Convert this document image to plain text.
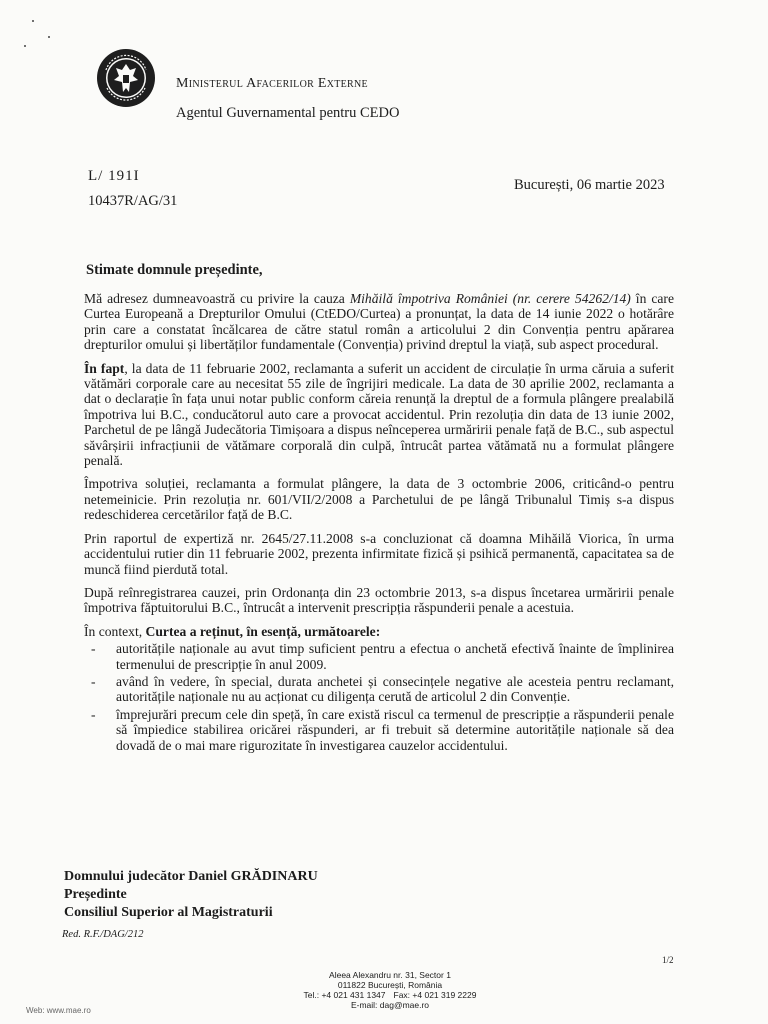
Ministerul Afacerilor Externe
Agentul Guvernamental pentru CEDO
L/ 191I
10437R/AG/31
București, 06 martie 2023
Stimate domnule președinte,

Mă adresez dumneavoastră cu privire la cauza Mihăilă împotriva României (nr. cerere 54262/14) în care Curtea Europeană a Drepturilor Omului (CtEDO/Curtea) a pronunțat, la data de 14 iunie 2022 o hotărâre prin care a constatat încălcarea de către statul român a articolului 2 din Convenția pentru apărarea drepturilor omului și libertăților fundamentale (Convenția) privind dreptul la viață, sub aspect procedural.

În fapt, la data de 11 februarie 2002, reclamanta a suferit un accident de circulație în urma căruia a suferit vătămări corporale care au necesitat 55 zile de îngrijiri medicale. La data de 30 aprilie 2002, reclamanta a dat o declarație în fața unui notar public conform căreia renunță la dreptul de a formula plângere prealabilă împotriva lui B.C., conducătorul auto care a provocat accidentul. Prin rezoluția din data de 13 iunie 2002, Parchetul de pe lângă Judecătoria Timișoara a dispus neînceperea urmăririi penale față de B.C., sub aspectul săvârșirii infracțiunii de vătămare corporală din culpă, întrucât partea vătămată nu a formulat plângere penală.

Împotriva soluției, reclamanta a formulat plângere, la data de 3 octombrie 2006, criticând-o pentru netemeinicie. Prin rezoluția nr. 601/VII/2/2008 a Parchetului de pe lângă Tribunalul Timiș s-a dispus redeschiderea cercetărilor față de B.C.

Prin raportul de expertiză nr. 2645/27.11.2008 s-a concluzionat că doamna Mihăilă Viorica, în urma accidentului rutier din 11 februarie 2002, prezenta infirmitate fizică și psihică permanentă, capacitatea sa de muncă fiind pierdută total.

După reînregistrarea cauzei, prin Ordonanța din 23 octombrie 2013, s-a dispus încetarea urmăririi penale împotriva făptuitorului B.C., întrucât a intervenit prescripția răspunderii penale a acestuia.

În context, Curtea a reținut, în esență, următoarele:

- autoritățile naționale au avut timp suficient pentru a efectua o anchetă efectivă înainte de împlinirea termenului de prescripție în anul 2009.
- având în vedere, în special, durata anchetei și consecințele negative ale acesteia pentru reclamant, autoritățile naționale nu au acționat cu diligența cerută de articolul 2 din Convenție.
- împrejurări precum cele din speță, în care există riscul ca termenul de prescripție a răspunderii penale să împiedice stabilirea oricărei răspunderi, ar fi trebuit să determine autoritățile naționale să dea dovadă de o mai mare rigurozitate în investigarea cauzelor accidentului.
Domnului judecător Daniel GRĂDINARU
Președinte
Consiliul Superior al Magistraturii
Red. R.F./DAG/212
1/2
Aleea Alexandru nr. 31, Sector 1
011822 București, România
Tel.: +4 021 431 1347 Fax: +4 021 319 2229
E-mail: dag@mae.ro
Web: www.mae.ro
